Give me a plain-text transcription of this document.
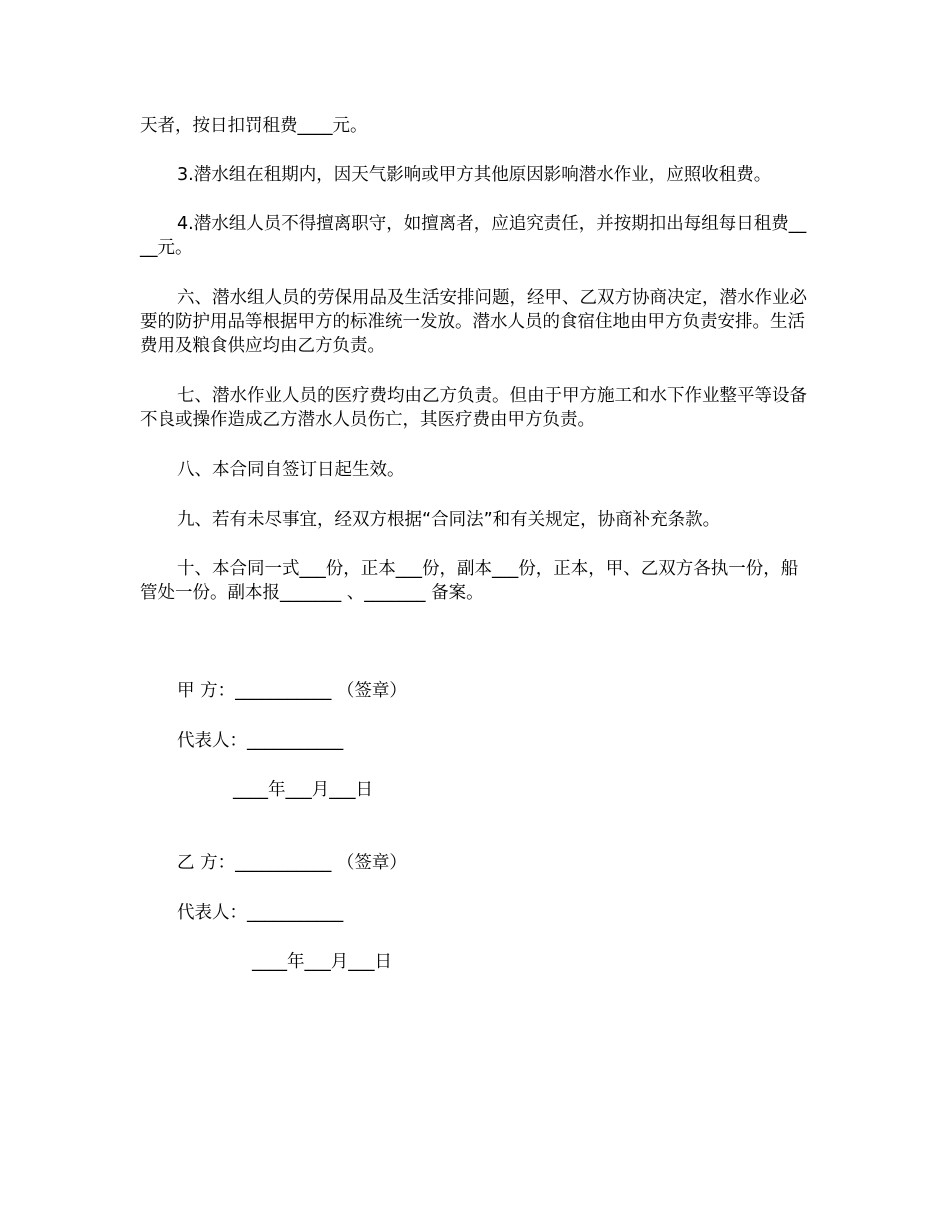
天者，按日扣罚租费____元。

3.潜水组在租期内，因天气影响或甲方其他原因影响潜水作业，应照收租费。

4.潜水组人员不得擅离职守，如擅离者，应追究责任，并按期扣出每组每日租费____元。

六、潜水组人员的劳保用品及生活安排问题，经甲、乙双方协商决定，潜水作业必要的防护用品等根据甲方的标准统一发放。潜水人员的食宿住地由甲方负责安排。生活费用及粮食供应均由乙方负责。

七、潜水作业人员的医疗费均由乙方负责。但由于甲方施工和水下作业整平等设备不良或操作造成乙方潜水人员伤亡，其医疗费由甲方负责。

八、本合同自签订日起生效。

九、若有未尽事宜，经双方根据“合同法”和有关规定，协商补充条款。

十、本合同一式___份，正本___份，副本___份，正本，甲、乙双方各执一份，船管处一份。副本报_______ 、_______ 备案。

甲 方：___________ （签章）

代表人：___________

____年___月___日

乙 方：___________ （签章）

代表人：___________

____年___月___日
